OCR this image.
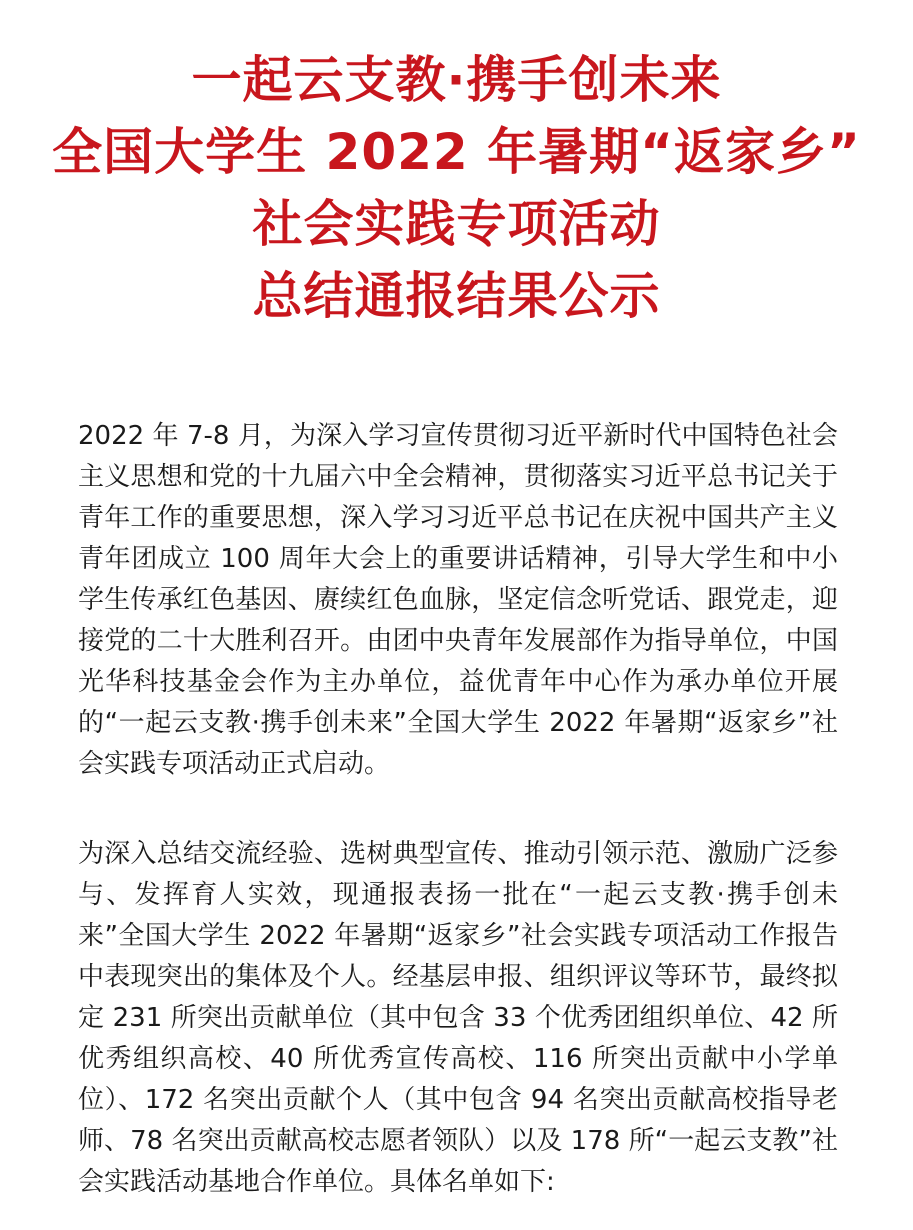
一起云支教·携手创未来
全国大学生 2022 年暑期“返家乡”
社会实践专项活动
总结通报结果公示

2022 年 7-8 月，为深入学习宣传贯彻习近平新时代中国特色社会主义思想和党的十九届六中全会精神，贯彻落实习近平总书记关于青年工作的重要思想，深入学习习近平总书记在庆祝中国共产主义青年团成立 100 周年大会上的重要讲话精神，引导大学生和中小学生传承红色基因、赓续红色血脉，坚定信念听党话、跟党走，迎接党的二十大胜利召开。由团中央青年发展部作为指导单位，中国光华科技基金会作为主办单位，益优青年中心作为承办单位开展的“一起云支教·携手创未来”全国大学生 2022 年暑期“返家乡”社会实践专项活动正式启动。

为深入总结交流经验、选树典型宣传、推动引领示范、激励广泛参与、发挥育人实效，现通报表扬一批在“一起云支教·携手创未来”全国大学生 2022 年暑期“返家乡”社会实践专项活动工作报告中表现突出的集体及个人。经基层申报、组织评议等环节，最终拟定 231 所突出贡献单位（其中包含 33 个优秀团组织单位、42 所优秀组织高校、40 所优秀宣传高校、116 所突出贡献中小学单位）、172 名突出贡献个人（其中包含 94 名突出贡献高校指导老师、78 名突出贡献高校志愿者领队）以及 178 所“一起云支教”社会实践活动基地合作单位。具体名单如下:
